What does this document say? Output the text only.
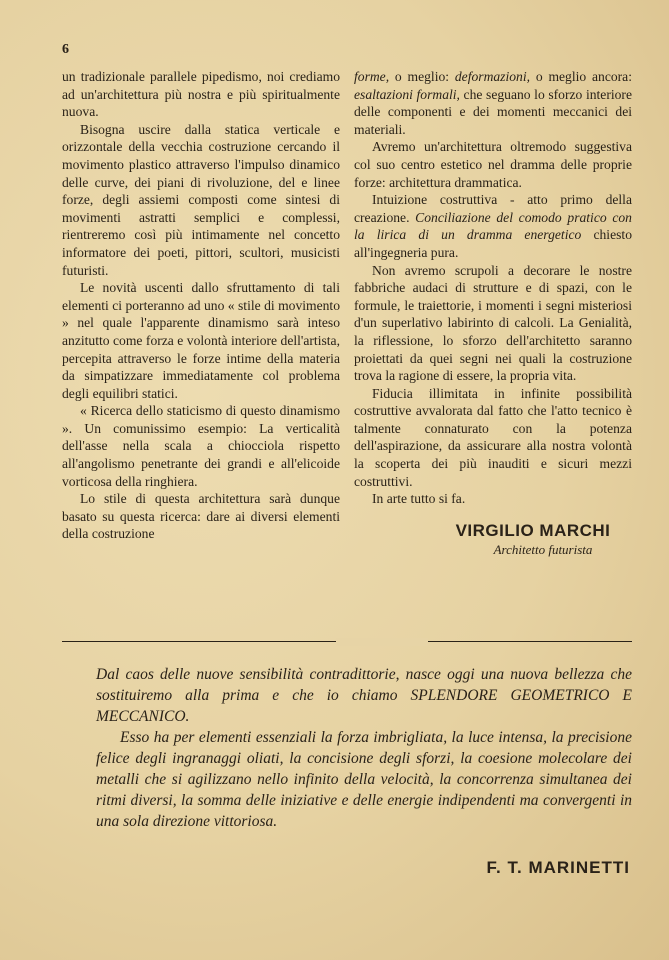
6

un tradizionale parallele pipedismo, noi crediamo ad un'architettura più nostra e più spiritualmente nuova.

Bisogna uscire dalla statica verticale e orizzontale della vecchia costruzione cercando il movimento plastico attraverso l'impulso dinamico delle curve, dei piani di rivoluzione, del e linee forze, degli assiemi composti come sintesi di movimenti astratti semplici e complessi, rientreremo così più intimamente nel concetto informatore dei poeti, pittori, scultori, musicisti futuristi.

Le novità uscenti dallo sfruttamento di tali elementi ci porteranno ad uno « stile di movimento » nel quale l'apparente dinamismo sarà inteso anzitutto come forza e volontà interiore dell'artista, percepita attraverso le forze intime della materia da simpatizzare immediatamente col problema degli equilibri statici.

« Ricerca dello staticismo di questo dinamismo ». Un comunissimo esempio: La verticalità dell'asse nella scala a chiocciola rispetto all'angolismo penetrante dei grandi e all'elicoide vorticosa della ringhiera.

Lo stile di questa architettura sarà dunque basato su questa ricerca: dare ai diversi elementi della costruzione

forme, o meglio: deformazioni, o meglio ancora: esaltazioni formali, che seguano lo sforzo interiore delle componenti e dei momenti meccanici dei materiali.

Avremo un'architettura oltremodo suggestiva col suo centro estetico nel dramma delle proprie forze: architettura drammatica.

Intuizione costruttiva - atto primo della creazione. Conciliazione del comodo pratico con la lirica di un dramma energetico chiesto all'ingegneria pura.

Non avremo scrupoli a decorare le nostre fabbriche audaci di strutture e di spazi, con le formule, le traiettorie, i momenti i segni misteriosi d'un superlativo labirinto di calcoli. La Genialità, la riflessione, lo sforzo dell'architetto saranno proiettati da quei segni nei quali la costruzione trova la ragione di essere, la propria vita.

Fiducia illimitata in infinite possibilità costruttive avvalorata dal fatto che l'atto tecnico è talmente connaturato con la potenza dell'aspirazione, da assicurare alla nostra volontà la scoperta dei più inauditi e sicuri mezzi costruttivi.

In arte tutto si fa.

VIRGILIO MARCHI
Architetto futurista

Dal caos delle nuove sensibilità contradittorie, nasce oggi una nuova bellezza che sostituiremo alla prima e che io chiamo SPLENDORE GEOMETRICO E MECCANICO.

Esso ha per elementi essenziali la forza imbrigliata, la luce intensa, la precisione felice degli ingranaggi oliati, la concisione degli sforzi, la coesione molecolare dei metalli che si agilizzano nello infinito della velocità, la concorrenza simultanea dei ritmi diversi, la somma delle iniziative e delle energie indipendenti ma convergenti in una sola direzione vittoriosa.

F. T. MARINETTI
